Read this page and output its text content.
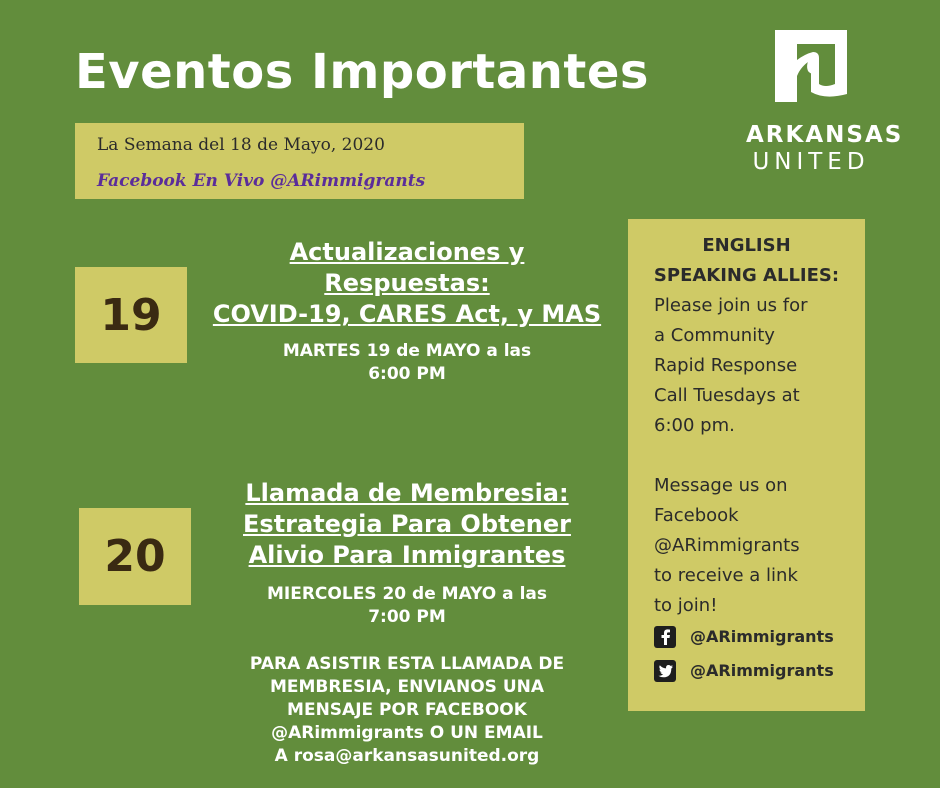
Eventos Importantes
La Semana del 18 de Mayo, 2020
Facebook En Vivo @ARimmigrants
ARKANSAS
UNITED
19
Actualizaciones y
Respuestas:
COVID-19, CARES Act, y MAS
MARTES 19 de MAYO a las
6:00 PM
20
Llamada de Membresia:
Estrategia Para Obtener
Alivio Para Inmigrantes
MIERCOLES 20 de MAYO a las
7:00 PM
PARA ASISTIR ESTA LLAMADA DE
MEMBRESIA, ENVIANOS UNA
MENSAJE POR FACEBOOK
@ARimmigrants O UN EMAIL
A rosa@arkansasunited.org
ENGLISH
SPEAKING ALLIES:
Please join us for
a Community
Rapid Response
Call Tuesdays at
6:00 pm.
Message us on
Facebook
@ARimmigrants
to receive a link
to join!
@ARimmigrants
@ARimmigrants
